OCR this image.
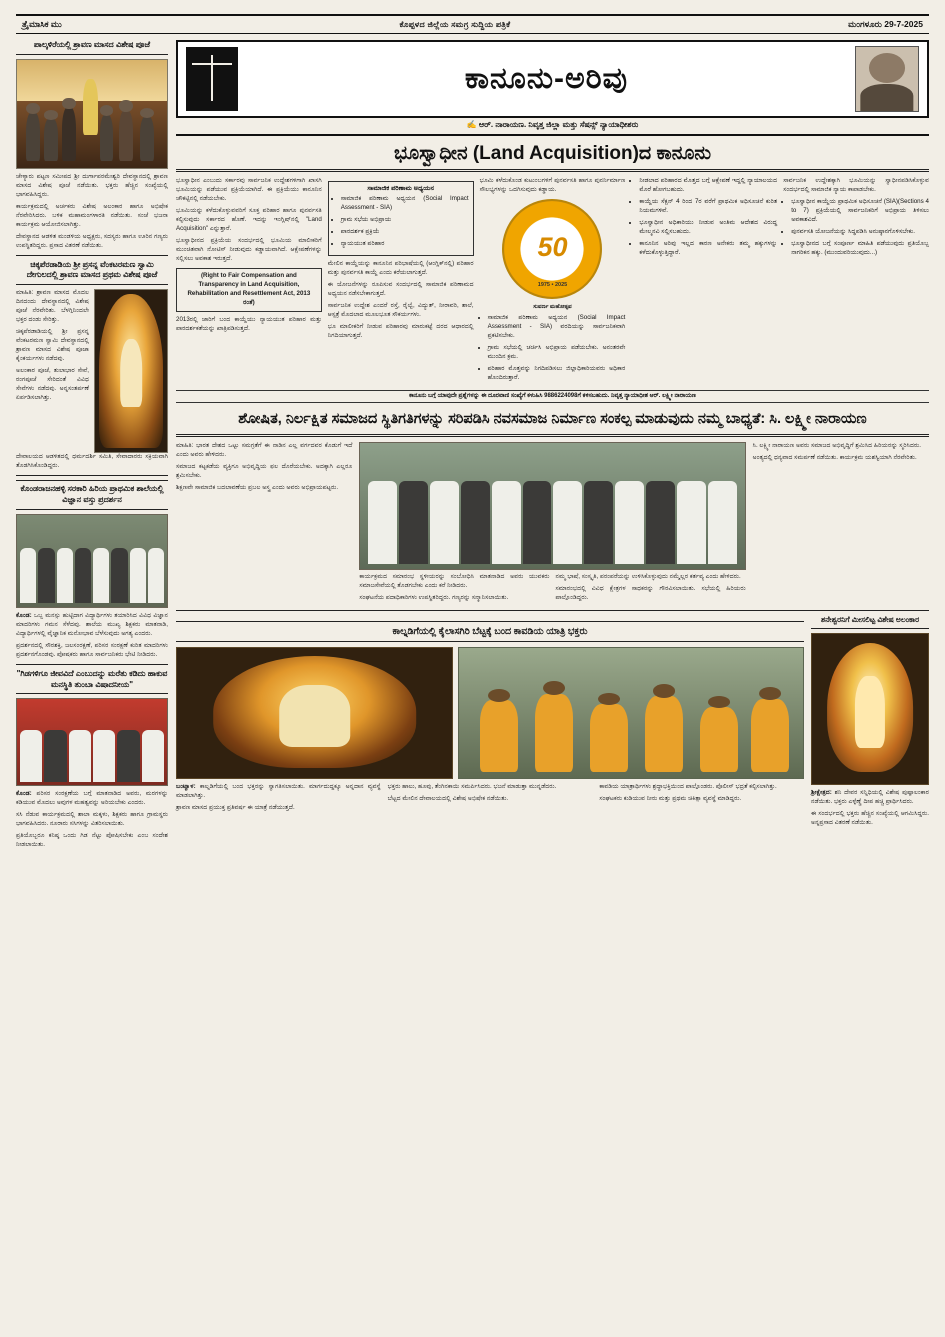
ತ್ರೈಮಾಸಿಕ ಮು	ಕೊಪ್ಪಳದ ಜಿಲ್ಲೆಯ ಸಮಗ್ರ ಸುದ್ದಿಯ ಪತ್ರಿಕೆ	ಮಂಗಳೂರು 29-7-2025
ಪಾಲ್ಕಳಿರೆಯಲ್ಲಿ ಶ್ರಾವಣ ಮಾಸದ ವಿಶೇಷ ಪೂಜೆ

ಚೇಳ್ಯಾರು ಪಟ್ಟಣ ಸಮೀಪದ ಶ್ರೀ ದುರ್ಗಾಪರಮೇಶ್ವರಿ ದೇವಸ್ಥಾನದಲ್ಲಿ ಶ್ರಾವಣ ಮಾಸದ ವಿಶೇಷ ಪೂಜೆ ನಡೆಯಿತು. ಭಕ್ತರು ಹೆಚ್ಚಿನ ಸಂಖ್ಯೆಯಲ್ಲಿ ಭಾಗವಹಿಸಿದ್ದರು.

ಕಾರ್ಯಕ್ರಮದಲ್ಲಿ ಅರ್ಚಕರು ವಿಶೇಷ ಅಲಂಕಾರ ಹಾಗೂ ಅಭಿಷೇಕ ನೆರವೇರಿಸಿದರು. ಬಳಿಕ ಮಹಾಮಂಗಳಾರತಿ ನಡೆಯಿತು. ಸಂಜೆ ಭಜನಾ ಕಾರ್ಯಕ್ರಮ ಆಯೋಜಿಸಲಾಗಿತ್ತು.

ದೇವಸ್ಥಾನದ ಆಡಳಿತ ಮಂಡಳಿಯ ಅಧ್ಯಕ್ಷರು, ಸದಸ್ಯರು ಹಾಗೂ ಊರಿನ ಗಣ್ಯರು ಉಪಸ್ಥಿತರಿದ್ದರು. ಪ್ರಸಾದ ವಿತರಣೆ ನಡೆಯಿತು.

ಚಿಕ್ಕಪೆರಡಾಡಿಯ ಶ್ರೀ ಪ್ರಸನ್ನ ವೆಂಕಟರಮಣ ಸ್ವಾಮಿ ದೇಗುಲದಲ್ಲಿ ಶ್ರಾವಣ ಮಾಸದ ಪ್ರಥಮ ವಿಶೇಷ ಪೂಜೆ

ಮಾಹಿತಿ: ಶ್ರಾವಣ ಮಾಸದ ಮೊದಲ ದಿನದಂದು ದೇವಸ್ಥಾನದಲ್ಲಿ ವಿಶೇಷ ಪೂಜೆ ನೆರವೇರಿತು. ಬೆಳಗ್ಗಿನಿಂದಲೇ ಭಕ್ತರ ದಂಡು ಸೇರಿತ್ತು.

ಚಿಕ್ಕಪೆರಡಾಡಿಯಲ್ಲಿ ಶ್ರೀ ಪ್ರಸನ್ನ ವೆಂಕಟರಮಣ ಸ್ವಾಮಿ ದೇವಸ್ಥಾನದಲ್ಲಿ ಶ್ರಾವಣ ಮಾಸದ ವಿಶೇಷ ಪೂಜಾ ಕೈಂಕರ್ಯಗಳು ನಡೆದವು.

ಅಲಂಕಾರ ಪೂಜೆ, ತುಲಾಭಾರ ಸೇವೆ, ರಂಗಪೂಜೆ ಸೇರಿದಂತೆ ವಿವಿಧ ಸೇವೆಗಳು ನಡೆದವು. ಅನ್ನಸಂತರ್ಪಣೆ ಏರ್ಪಡಿಸಲಾಗಿತ್ತು.

ದೇವಾಲಯದ ಆಡಳಿತದಲ್ಲಿ ಧರ್ಮದರ್ಶಿ ಸಮಿತಿ, ಸೇವಾದಾರರು ಸಕ್ರಿಯವಾಗಿ ತೊಡಗಿಸಿಕೊಂಡಿದ್ದರು.

ಕೊಂಡರಾಜನಹಳ್ಳಿ ಸರಕಾರಿ ಹಿರಿಯ ಪ್ರಾಥಮಿಕ ಶಾಲೆಯಲ್ಲಿ ವಿಜ್ಞಾನ ವಸ್ತು ಪ್ರದರ್ಶನ

ಕೊಂಡ: ಒಬ್ಬ ಮನಸ್ಸು ಹುಟ್ಟಿದಾಗ ವಿದ್ಯಾರ್ಥಿಗಳು ತಯಾರಿಸಿದ ವಿವಿಧ ವಿಜ್ಞಾನ ಮಾದರಿಗಳು ಗಮನ ಸೆಳೆದವು. ಶಾಲೆಯ ಮುಖ್ಯ ಶಿಕ್ಷಕರು ಮಾತನಾಡಿ, ವಿದ್ಯಾರ್ಥಿಗಳಲ್ಲಿ ವೈಜ್ಞಾನಿಕ ಮನೋಭಾವ ಬೆಳೆಸುವುದು ಅಗತ್ಯ ಎಂದರು.

ಪ್ರದರ್ಶನದಲ್ಲಿ ಸೌರಶಕ್ತಿ, ಜಲಸಂರಕ್ಷಣೆ, ಪರಿಸರ ಸಂರಕ್ಷಣೆ ಕುರಿತ ಮಾದರಿಗಳು ಪ್ರದರ್ಶನಗೊಂಡವು. ಪೋಷಕರು ಹಾಗೂ ಸಾರ್ವಜನಿಕರು ಭೇಟಿ ನೀಡಿದರು.

"ಗಿಡಗಳಿಗೂ ಜೀವವಿದೆ ಎಂಬುದನ್ನು ಮರೆತು ಕಡಿದು ಹಾಕುವ ಮನಸ್ಥಿತಿ ತುಂಬಾ ವಿಷಾದನೀಯ"

ಕೊಂಡ: ಪರಿಸರ ಸಂರಕ್ಷಣೆಯ ಬಗ್ಗೆ ಮಾತನಾಡಿದ ಅವರು, ಮರಗಳನ್ನು ಕಡಿಯುವ ಮೊದಲು ಅವುಗಳ ಮಹತ್ವವನ್ನು ಅರಿಯಬೇಕು ಎಂದರು.

ಸಸಿ ನೆಡುವ ಕಾರ್ಯಕ್ರಮದಲ್ಲಿ ಶಾಲಾ ಮಕ್ಕಳು, ಶಿಕ್ಷಕರು ಹಾಗೂ ಗ್ರಾಮಸ್ಥರು ಭಾಗವಹಿಸಿದರು. ನೂರಾರು ಸಸಿಗಳನ್ನು ವಿತರಿಸಲಾಯಿತು.

ಪ್ರತಿಯೊಬ್ಬರೂ ಕನಿಷ್ಠ ಒಂದು ಗಿಡ ನೆಟ್ಟು ಪೋಷಿಸಬೇಕು ಎಂಬ ಸಂದೇಶ ನೀಡಲಾಯಿತು.

ಕಾನೂನು-ಅರಿವು
✍ ಆರ್. ನಾರಾಯಣ. ನಿವೃತ್ತ ಜಿಲ್ಲಾ ಮತ್ತು ಸೆಷನ್ಸ್ ನ್ಯಾಯಾಧೀಶರು
ಭೂಸ್ವಾಧೀನ (Land Acquisition)ದ ಕಾನೂನು

ಭೂಸ್ವಾಧೀನ ಎಂಬುದು ಸರ್ಕಾರವು ಸಾರ್ವಜನಿಕ ಉದ್ದೇಶಗಳಿಗಾಗಿ ಖಾಸಗಿ ಭೂಮಿಯನ್ನು ಪಡೆಯುವ ಪ್ರಕ್ರಿಯೆಯಾಗಿದೆ. ಈ ಪ್ರಕ್ರಿಯೆಯು ಕಾನೂನಿನ ಚೌಕಟ್ಟಿನಲ್ಲಿ ನಡೆಯಬೇಕು.

ಭೂಮಿಯನ್ನು ಕಳೆದುಕೊಳ್ಳುವವರಿಗೆ ಸೂಕ್ತ ಪರಿಹಾರ ಹಾಗೂ ಪುನರ್ವಸತಿ ಕಲ್ಪಿಸುವುದು ಸರ್ಕಾರದ ಹೊಣೆ. ಇದನ್ನು ಇಂಗ್ಲಿಷ್‌ನಲ್ಲಿ "Land Acquisition" ಎನ್ನುತ್ತಾರೆ.

ಭೂಸ್ವಾಧೀನದ ಪ್ರಕ್ರಿಯೆಯ ಸಂದರ್ಭದಲ್ಲಿ ಭೂಮಿಯ ಮಾಲೀಕರಿಗೆ ಮುಂಚಿತವಾಗಿ ನೋಟಿಸ್ ನೀಡುವುದು ಕಡ್ಡಾಯವಾಗಿದೆ. ಆಕ್ಷೇಪಣೆಗಳನ್ನು ಸಲ್ಲಿಸಲು ಅವಕಾಶ ಇರುತ್ತದೆ.

(Right to Fair Compensation and Transparency in Land Acquisition, Rehabilitation and Resettlement Act, 2013 ರಂತೆ)

2013ರಲ್ಲಿ ಜಾರಿಗೆ ಬಂದ ಕಾಯ್ದೆಯು ನ್ಯಾಯಯುತ ಪರಿಹಾರ ಮತ್ತು ಪಾರದರ್ಶಕತೆಯನ್ನು ಖಾತ್ರಿಪಡಿಸುತ್ತದೆ.

ಸಾಮಾಜಿಕ ಪರಿಣಾಮ ಅಧ್ಯಯನ
• ಸಾಮಾಜಿಕ ಪರಿಣಾಮ ಅಧ್ಯಯನ (Social Impact Assessment - SIA)
• ಗ್ರಾಮ ಸಭೆಯ ಅಭಿಪ್ರಾಯ
• ಪಾರದರ್ಶಕ ಪ್ರಕ್ರಿಯೆ
• ನ್ಯಾಯಯುತ ಪರಿಹಾರ

ಮೇಲಿನ ಕಾಯ್ದೆಯನ್ನು ಕಾನೂನಿನ ಪರಿಭಾಷೆಯಲ್ಲಿ (ಆಂಗ್ಲಿಕ್‌ನಲ್ಲಿ) ಪರಿಹಾರ ಮತ್ತು ಪುನರ್ವಸತಿ ಕಾಯ್ದೆ ಎಂದು ಕರೆಯಲಾಗುತ್ತದೆ.

ಈ ಯೋಜನೆಗಳನ್ನು ರೂಪಿಸುವ ಸಂದರ್ಭದಲ್ಲಿ ಸಾಮಾಜಿಕ ಪರಿಣಾಮದ ಅಧ್ಯಯನ ನಡೆಸಬೇಕಾಗುತ್ತದೆ.

ಸಾರ್ವಜನಿಕ ಉದ್ದೇಶ ಎಂದರೆ ರಸ್ತೆ, ರೈಲ್ವೆ, ವಿದ್ಯುತ್, ನೀರಾವರಿ, ಶಾಲೆ, ಆಸ್ಪತ್ರೆ ಮೊದಲಾದ ಮೂಲಭೂತ ಸೌಕರ್ಯಗಳು.

ಭೂ ಮಾಲೀಕರಿಗೆ ನೀಡುವ ಪರಿಹಾರವು ಮಾರುಕಟ್ಟೆ ದರದ ಆಧಾರದಲ್ಲಿ ನಿಗದಿಯಾಗುತ್ತದೆ.

ಭೂಮಿ ಕಳೆದುಕೊಂಡ ಕುಟುಂಬಗಳಿಗೆ ಪುನರ್ವಸತಿ ಹಾಗೂ ಪುನರ್ನಿರ್ಮಾಣ ಸೌಲಭ್ಯಗಳನ್ನು ಒದಗಿಸುವುದು ಕಡ್ಡಾಯ.

50
1975 • 2025
ಸುವರ್ಣ ಮಹೋತ್ಸವ
• ಸಾಮಾಜಿಕ ಪರಿಣಾಮ ಅಧ್ಯಯನ (Social Impact Assessment - SIA) ವರದಿಯನ್ನು ಸಾರ್ವಜನಿಕವಾಗಿ ಪ್ರಕಟಿಸಬೇಕು.
• ಗ್ರಾಮ ಸಭೆಯಲ್ಲಿ ಚರ್ಚಿಸಿ ಅಭಿಪ್ರಾಯ ಪಡೆಯಬೇಕು. ಅನಂತರವೇ ಮುಂದಿನ ಕ್ರಮ.
• ಪರಿಹಾರ ಮೊತ್ತವನ್ನು ನಿಗದಿಪಡಿಸಲು ಜಿಲ್ಲಾಧಿಕಾರಿಯವರು ಅಧಿಕಾರ ಹೊಂದಿರುತ್ತಾರೆ.
• ನೀಡಲಾದ ಪರಿಹಾರದ ಮೊತ್ತದ ಬಗ್ಗೆ ಆಕ್ಷೇಪಣೆ ಇದ್ದಲ್ಲಿ ನ್ಯಾಯಾಲಯದ ಮೊರೆ ಹೋಗಬಹುದು.
• ಕಾಯ್ದೆಯ ಸೆಕ್ಷನ್ 4 ರಿಂದ 7ರ ವರೆಗೆ ಪ್ರಾಥಮಿಕ ಅಧಿಸೂಚನೆ ಕುರಿತ ನಿಯಮಗಳಿವೆ.
• ಭೂಸ್ವಾಧೀನ ಅಧಿಕಾರಿಯು ನೀಡುವ ಅಂತಿಮ ಆದೇಶದ ವಿರುದ್ಧ ಮೇಲ್ಮನವಿ ಸಲ್ಲಿಸಬಹುದು.
• ಕಾನೂನಿನ ಅರಿವು ಇಲ್ಲದ ಕಾರಣ ಅನೇಕರು ತಮ್ಮ ಹಕ್ಕುಗಳನ್ನು ಕಳೆದುಕೊಳ್ಳುತ್ತಿದ್ದಾರೆ.

ಸಾರ್ವಜನಿಕ ಉದ್ದೇಶಕ್ಕಾಗಿ ಭೂಮಿಯನ್ನು ಸ್ವಾಧೀನಪಡಿಸಿಕೊಳ್ಳುವ ಸಂದರ್ಭದಲ್ಲಿ ಸಾಮಾಜಿಕ ನ್ಯಾಯ ಕಾಪಾಡಬೇಕು.

• ಭೂಸ್ವಾಧೀನ ಕಾಯ್ದೆಯ ಪ್ರಾಥಮಿಕ ಅಧಿಸೂಚನೆ (SIA)(Sections 4 to 7) ಪ್ರಕ್ರಿಯೆಯಲ್ಲಿ ಸಾರ್ವಜನಿಕರಿಗೆ ಅಭಿಪ್ರಾಯ ತಿಳಿಸಲು ಅವಕಾಶವಿದೆ.
• ಪುನರ್ವಸತಿ ಯೋಜನೆಯನ್ನು ಸಿದ್ಧಪಡಿಸಿ ಅನುಷ್ಠಾನಗೊಳಿಸಬೇಕು.
• ಭೂಸ್ವಾಧೀನದ ಬಗ್ಗೆ ಸಂಪೂರ್ಣ ಮಾಹಿತಿ ಪಡೆಯುವುದು ಪ್ರತಿಯೊಬ್ಬ ನಾಗರಿಕನ ಹಕ್ಕು. (ಮುಂದುವರಿಯುವುದು...)
ಕಾನೂನು ಬಗ್ಗೆ ಯಾವುದೇ ಪ್ರಶ್ನೆಗಳನ್ನು ಈ ದೂರವಾಣಿ ಸಂಖ್ಯೆಗೆ ಕಳುಹಿಸಿ 9886224098ಗೆ ಕಳಿಸಬಹುದು. ನಿವೃತ್ತ ನ್ಯಾಯಾಧೀಶ ಆರ್. ಲಕ್ಷ್ಮೀ ನಾರಾಯಣ
ಶೋಷಿತ, ನಿರ್ಲಕ್ಷಿತ ಸಮಾಜದ ಸ್ಥಿತಿಗತಿಗಳನ್ನು ಸರಿಪಡಿಸಿ ನವಸಮಾಜ ನಿರ್ಮಾಣ ಸಂಕಲ್ಪ ಮಾಡುವುದು ನಮ್ಮ ಬಾಧ್ಯತೆ: ಸಿ. ಲಕ್ಷ್ಮೀ ನಾರಾಯಣ

ಮಾಹಿತಿ: ಭಾರತ ದೇಶದ ಒಟ್ಟು ಸಮಗ್ರತೆಗೆ ಈ ನಾಡಿನ ಎಲ್ಲ ವರ್ಗದವರ ಕೊಡುಗೆ ಇದೆ ಎಂದು ಅವರು ಹೇಳಿದರು.

ಸಮಾಜದ ಕಟ್ಟಕಡೆಯ ವ್ಯಕ್ತಿಗೂ ಅಭಿವೃದ್ಧಿಯ ಫಲ ದೊರೆಯಬೇಕು. ಅದಕ್ಕಾಗಿ ಎಲ್ಲರೂ ಶ್ರಮಿಸಬೇಕು.

ಶಿಕ್ಷಣವೇ ಸಾಮಾಜಿಕ ಬದಲಾವಣೆಯ ಪ್ರಬಲ ಅಸ್ತ್ರ ಎಂದು ಅವರು ಅಭಿಪ್ರಾಯಪಟ್ಟರು.

ಕಾರ್ಯಕ್ರಮದ ಸಮಾರಂಭ ಸ್ಥಳೀಯರನ್ನು ಸಂಬೋಧಿಸಿ ಮಾತನಾಡಿದ ಅವರು ಯುವಕರು ಸಮಾಜಸೇವೆಯಲ್ಲಿ ತೊಡಗಬೇಕು ಎಂದು ಕರೆ ನೀಡಿದರು.

ಸಂಘಟನೆಯ ಪದಾಧಿಕಾರಿಗಳು ಉಪಸ್ಥಿತರಿದ್ದರು. ಗಣ್ಯರನ್ನು ಸನ್ಮಾನಿಸಲಾಯಿತು.

ನಮ್ಮ ಭಾಷೆ, ಸಂಸ್ಕೃತಿ, ಪರಂಪರೆಯನ್ನು ಉಳಿಸಿಕೊಳ್ಳುವುದು ನಮ್ಮೆಲ್ಲರ ಕರ್ತವ್ಯ ಎಂದು ಹೇಳಿದರು.

ಸಮಾರಂಭದಲ್ಲಿ ವಿವಿಧ ಕ್ಷೇತ್ರಗಳ ಸಾಧಕರನ್ನು ಗೌರವಿಸಲಾಯಿತು. ಸಭೆಯಲ್ಲಿ ಹಿರಿಯರು ಪಾಲ್ಗೊಂಡಿದ್ದರು.

ಸಿ. ಲಕ್ಷ್ಮೀ ನಾರಾಯಣ ಅವರು ಸಮಾಜದ ಅಭಿವೃದ್ಧಿಗೆ ಶ್ರಮಿಸಿದ ಹಿರಿಯರನ್ನು ಸ್ಮರಿಸಿದರು.

ಅಂತ್ಯದಲ್ಲಿ ಧನ್ಯವಾದ ಸಮರ್ಪಣೆ ನಡೆಯಿತು. ಕಾರ್ಯಕ್ರಮ ಯಶಸ್ವಿಯಾಗಿ ನೆರವೇರಿತು.

ಕಾಲ್ನಡಿಗೆಯಲ್ಲಿ ಕೈಲಾಸಗಿರಿ ಬೆಟ್ಟಕ್ಕೆ ಬಂದ ಕಾವಡಿಯ ಯಾತ್ರಿ ಭಕ್ತರು

ಬಂಟ್ವಾಳ: ಕಾಲ್ನಡಿಗೆಯಲ್ಲಿ ಬಂದ ಭಕ್ತರನ್ನು ಸ್ವಾಗತಿಸಲಾಯಿತು. ಮಾರ್ಗದುದ್ದಕ್ಕೂ ಅನ್ನದಾನ ವ್ಯವಸ್ಥೆ ಮಾಡಲಾಗಿತ್ತು.

ಶ್ರಾವಣ ಮಾಸದ ಪ್ರಯುಕ್ತ ಪ್ರತಿವರ್ಷ ಈ ಯಾತ್ರೆ ನಡೆಯುತ್ತದೆ.

ಭಕ್ತರು ಹಾಲು, ಹೂವು, ತೆಂಗಿನಕಾಯಿ ಸಮರ್ಪಿಸಿದರು. ಭಜನೆ ಮಾಡುತ್ತಾ ಮುನ್ನಡೆದರು.

ಬೆಟ್ಟದ ಮೇಲಿನ ದೇವಾಲಯದಲ್ಲಿ ವಿಶೇಷ ಅಭಿಷೇಕ ನಡೆಯಿತು.

ಕಾವಡಿಯ ಯಾತ್ರಾರ್ಥಿಗಳು ಶ್ರದ್ಧಾಭಕ್ತಿಯಿಂದ ಪಾಲ್ಗೊಂಡರು. ಪೊಲೀಸ್ ಭದ್ರತೆ ಕಲ್ಪಿಸಲಾಗಿತ್ತು.

ಸಂಘಟಕರು ಕುಡಿಯುವ ನೀರು ಮತ್ತು ಪ್ರಥಮ ಚಿಕಿತ್ಸಾ ವ್ಯವಸ್ಥೆ ಮಾಡಿದ್ದರು.

ಶನೇಶ್ವರನಿಗೆ ಮೀಸಲಿಟ್ಟ ವಿಶೇಷ ಅಲಂಕಾರ

ಶ್ರೀಕ್ಷೇತ್ರದ: ಶನಿ ದೇವರ ಸನ್ನಿಧಿಯಲ್ಲಿ ವಿಶೇಷ ಪುಷ್ಪಾಲಂಕಾರ ನಡೆಯಿತು. ಭಕ್ತರು ಎಳ್ಳೆಣ್ಣೆ ದೀಪ ಹಚ್ಚಿ ಪ್ರಾರ್ಥಿಸಿದರು.

ಈ ಸಂದರ್ಭದಲ್ಲಿ ಭಕ್ತರು ಹೆಚ್ಚಿನ ಸಂಖ್ಯೆಯಲ್ಲಿ ಆಗಮಿಸಿದ್ದರು. ಅನ್ನಪ್ರಸಾದ ವಿತರಣೆ ನಡೆಯಿತು.
